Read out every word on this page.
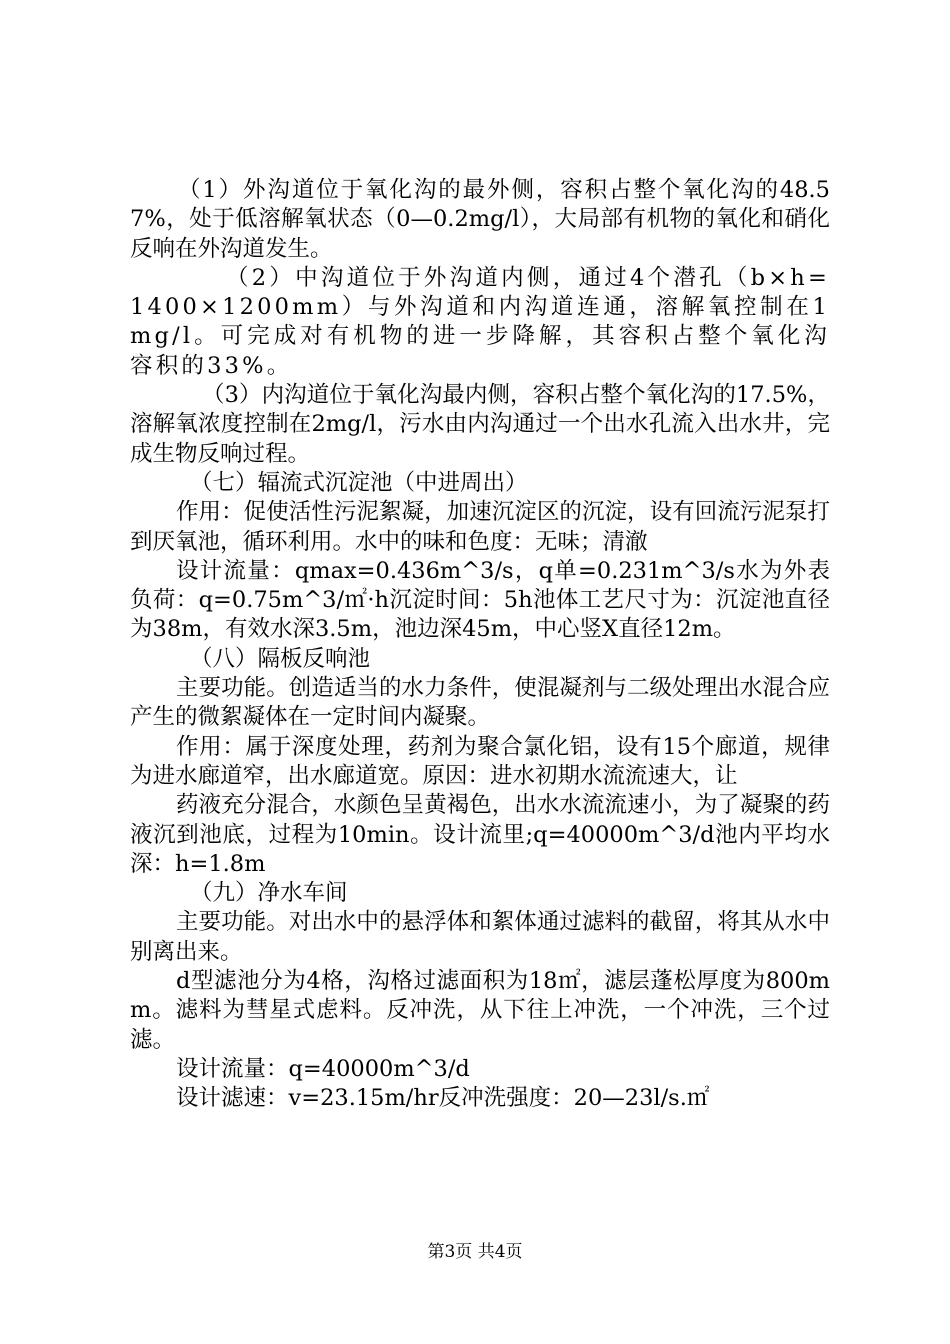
（1）外沟道位于氧化沟的最外侧，容积占整个氧化沟的48.57%，处于低溶解氧状态（0—0.2mg/l），大局部有机物的氧化和硝化反响在外沟道发生。

（2）中沟道位于外沟道内侧，通过4个潜孔（b×h=1400×1200mm）与外沟道和内沟道连通，溶解氧控制在1mg/l。可完成对有机物的进一步降解，其容积占整个氧化沟容积的33%。

（3）内沟道位于氧化沟最内侧，容积占整个氧化沟的17.5%，溶解氧浓度控制在2mg/l，污水由内沟通过一个出水孔流入出水井，完成生物反响过程。

（七）辐流式沉淀池（中进周出）

作用：促使活性污泥絮凝，加速沉淀区的沉淀，设有回流污泥泵打到厌氧池，循环利用。水中的味和色度：无味；清澈

设计流量：qmax=0.436m^3/s，q单=0.231m^3/s水为外表负荷：q=0.75m^3/㎡·h沉淀时间：5h池体工艺尺寸为：沉淀池直径为38m，有效水深3.5m，池边深45m，中心竖X直径12m。

（八）隔板反响池

主要功能。创造适当的水力条件，使混凝剂与二级处理出水混合应产生的微絮凝体在一定时间内凝聚。

作用：属于深度处理，药剂为聚合氯化铝，设有15个廊道，规律为进水廊道窄，出水廊道宽。原因：进水初期水流流速大，让

药液充分混合，水颜色呈黄褐色，出水水流流速小，为了凝聚的药液沉到池底，过程为10min。设计流里;q=40000m^3/d池内平均水深：h=1.8m

（九）净水车间

主要功能。对出水中的悬浮体和絮体通过滤料的截留，将其从水中别离出来。

d型滤池分为4格，沟格过滤面积为18㎡，滤层蓬松厚度为800mm。滤料为彗星式虑料。反冲洗，从下往上冲洗，一个冲洗，三个过滤。

设计流量：q=40000m^3/d

设计滤速：v=23.15m/hr反冲洗强度：20—23l/s.㎡

第3页 共4页
